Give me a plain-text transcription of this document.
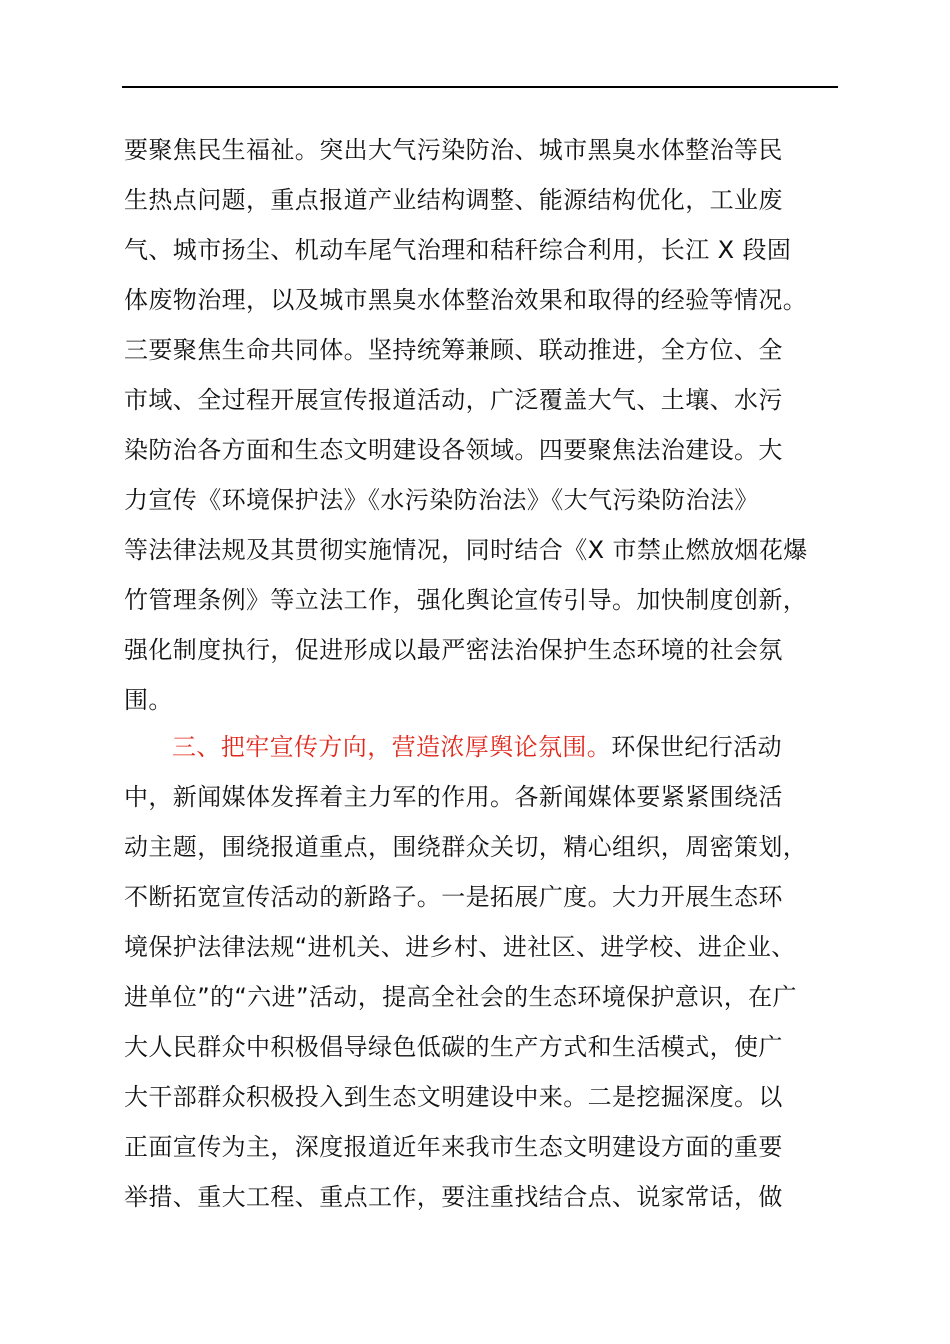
要聚焦民生福祉。突出大气污染防治、城市黑臭水体整治等民
生热点问题，重点报道产业结构调整、能源结构优化，工业废
气、城市扬尘、机动车尾气治理和秸秆综合利用，长江 X 段固
体废物治理，以及城市黑臭水体整治效果和取得的经验等情况。
三要聚焦生命共同体。坚持统筹兼顾、联动推进，全方位、全
市域、全过程开展宣传报道活动，广泛覆盖大气、土壤、水污
染防治各方面和生态文明建设各领域。四要聚焦法治建设。大
力宣传《环境保护法》《水污染防治法》《大气污染防治法》
等法律法规及其贯彻实施情况，同时结合《X 市禁止燃放烟花爆
竹管理条例》等立法工作，强化舆论宣传引导。加快制度创新，
强化制度执行，促进形成以最严密法治保护生态环境的社会氛
围。
三、把牢宣传方向，营造浓厚舆论氛围。环保世纪行活动
中，新闻媒体发挥着主力军的作用。各新闻媒体要紧紧围绕活
动主题，围绕报道重点，围绕群众关切，精心组织，周密策划，
不断拓宽宣传活动的新路子。一是拓展广度。大力开展生态环
境保护法律法规“进机关、进乡村、进社区、进学校、进企业、
进单位”的“六进”活动，提高全社会的生态环境保护意识，在广
大人民群众中积极倡导绿色低碳的生产方式和生活模式，使广
大干部群众积极投入到生态文明建设中来。二是挖掘深度。以
正面宣传为主，深度报道近年来我市生态文明建设方面的重要
举措、重大工程、重点工作，要注重找结合点、说家常话，做
